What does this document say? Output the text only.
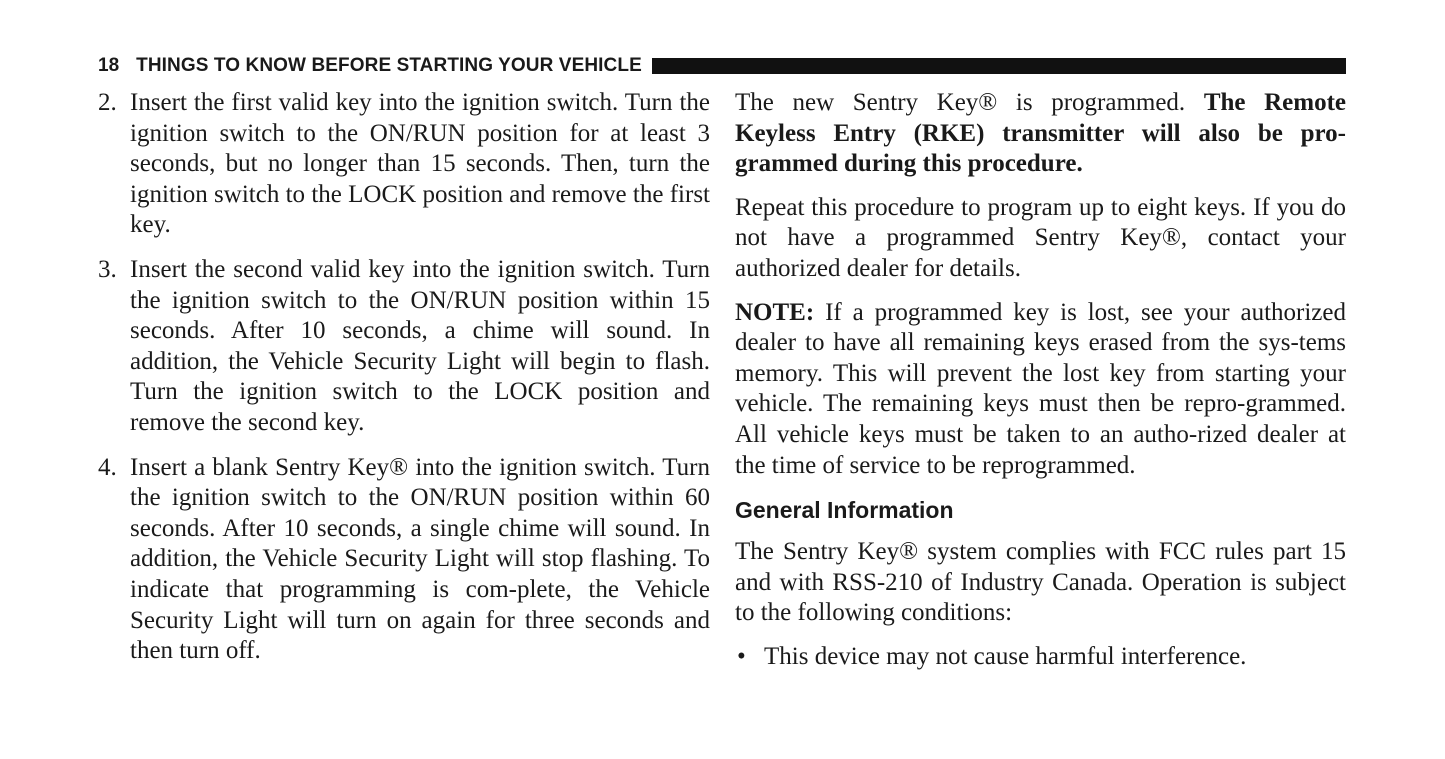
18 THINGS TO KNOW BEFORE STARTING YOUR VEHICLE
2. Insert the first valid key into the ignition switch. Turn the ignition switch to the ON/RUN position for at least 3 seconds, but no longer than 15 seconds. Then, turn the ignition switch to the LOCK position and remove the first key.
3. Insert the second valid key into the ignition switch. Turn the ignition switch to the ON/RUN position within 15 seconds. After 10 seconds, a chime will sound. In addition, the Vehicle Security Light will begin to flash. Turn the ignition switch to the LOCK position and remove the second key.
4. Insert a blank Sentry Key® into the ignition switch. Turn the ignition switch to the ON/RUN position within 60 seconds. After 10 seconds, a single chime will sound. In addition, the Vehicle Security Light will stop flashing. To indicate that programming is com-plete, the Vehicle Security Light will turn on again for three seconds and then turn off.

The new Sentry Key® is programmed. The Remote Keyless Entry (RKE) transmitter will also be pro-grammed during this procedure.

Repeat this procedure to program up to eight keys. If you do not have a programmed Sentry Key®, contact your authorized dealer for details.

NOTE: If a programmed key is lost, see your authorized dealer to have all remaining keys erased from the sys-tems memory. This will prevent the lost key from starting your vehicle. The remaining keys must then be repro-grammed. All vehicle keys must be taken to an autho-rized dealer at the time of service to be reprogrammed.

General Information

The Sentry Key® system complies with FCC rules part 15 and with RSS-210 of Industry Canada. Operation is subject to the following conditions:

• This device may not cause harmful interference.
